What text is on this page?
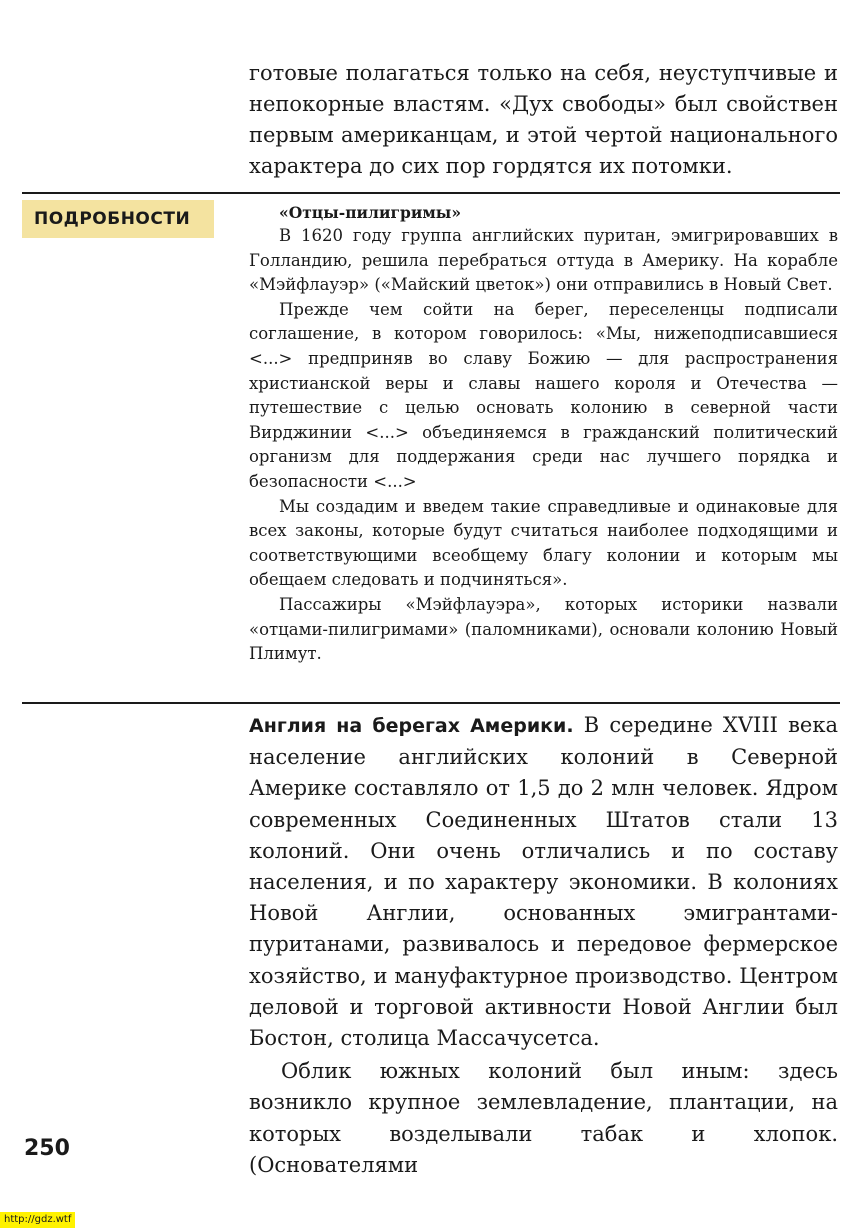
готовые полагаться только на себя, неуступчивые и непокорные властям. «Дух свободы» был свойствен первым американцам, и этой чертой национального характера до сих пор гордятся их потомки.

ПОДРОБНОСТИ	«Отцы-пилигримы»

В 1620 году группа английских пуритан, эмигрировавших в Голландию, решила перебраться оттуда в Америку. На корабле «Мэйфлауэр» («Майский цветок») они отправились в Новый Свет.

Прежде чем сойти на берег, переселенцы подписали соглашение, в котором говорилось: «Мы, нижеподписавшиеся <...> предприняв во славу Божию — для распространения христианской веры и славы нашего короля и Отечества — путешествие с целью основать колонию в северной части Вирджинии <...> объединяемся в гражданский политический организм для поддержания среди нас лучшего порядка и безопасности <...>

Мы создадим и введем такие справедливые и одинаковые для всех законы, которые будут считаться наиболее подходящими и соответствующими всеобщему благу колонии и которым мы обещаем следовать и подчиняться».

Пассажиры «Мэйфлауэра», которых историки назвали «отцами-пилигримами» (паломниками), основали колонию Новый Плимут.

Англия на берегах Америки. В середине XVIII века население английских колоний в Северной Америке составляло от 1,5 до 2 млн человек. Ядром современных Соединенных Штатов стали 13 колоний. Они очень отличались и по составу населения, и по характеру экономики. В колониях Новой Англии, основанных эмигрантами-пуританами, развивалось и передовое фермерское хозяйство, и мануфактурное производство. Центром деловой и торговой активности Новой Англии был Бостон, столица Массачусетса.

Облик южных колоний был иным: здесь возникло крупное землевладение, плантации, на которых возделывали табак и хлопок. (Основателями

250
http://gdz.wtf
